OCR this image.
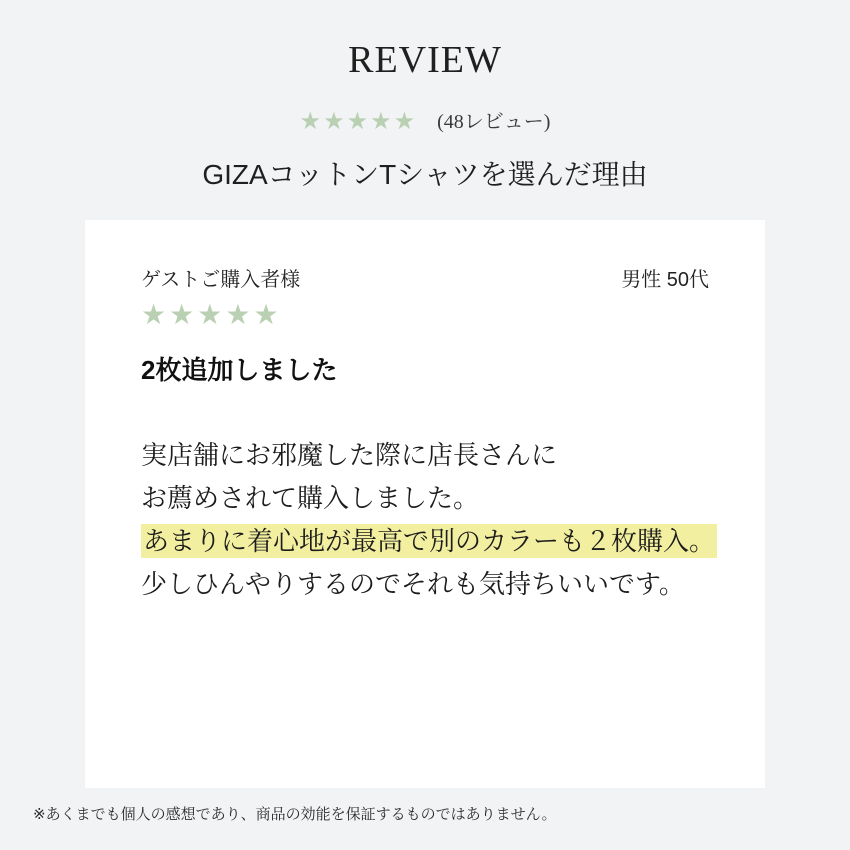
REVIEW
★★★★★ (48レビュー)
GIZAコットンTシャツを選んだ理由
ゲストご購入者様	男性 50代
★★★★★
2枚追加しました

実店舗にお邪魔した際に店長さんに

お薦めされて購入しました。

あまりに着心地が最高で別のカラーも２枚購入。

少しひんやりするのでそれも気持ちいいです。

※あくまでも個人の感想であり、商品の効能を保証するものではありません。
